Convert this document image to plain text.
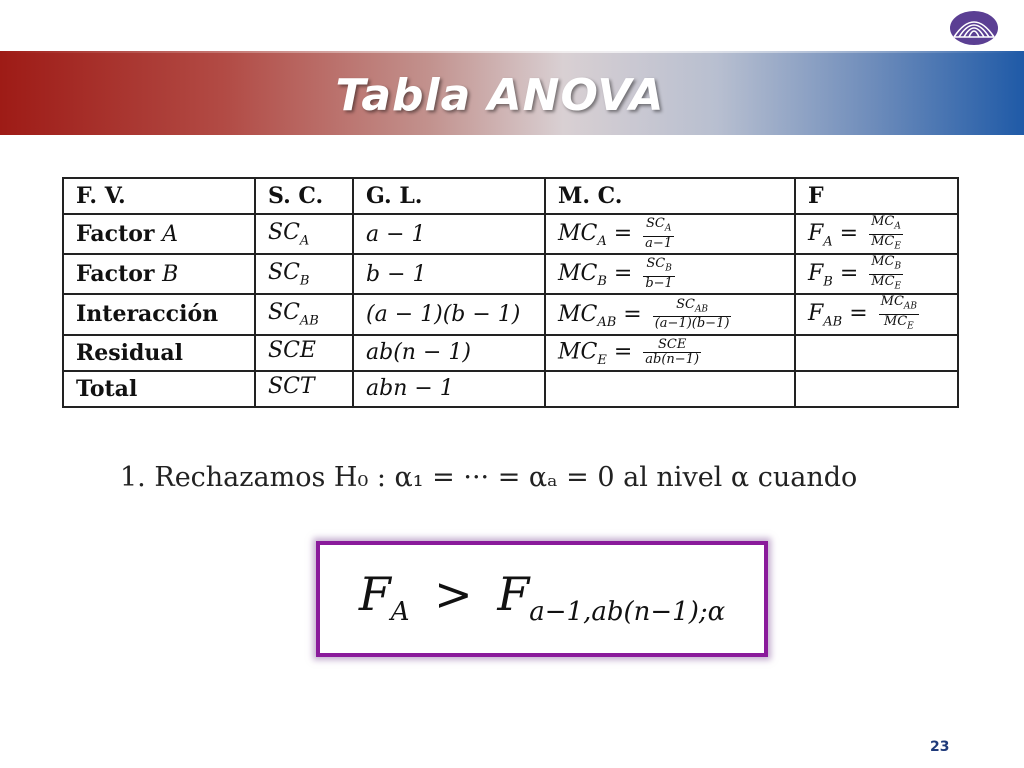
Tabla ANOVA
F. V.	S. C.	G. L.	M. C.	F
Factor A	$SC_A$	a − 1	$MC_A = \frac{SC_A}{a-1}$	$F_A = \frac{MC_A}{MC_E}$

Factor B	$SC_B$	b − 1	$MC_B = \frac{SC_B}{b-1}$	$F_B = \frac{MC_B}{MC_E}$

Interacción	$SC_{AB}$	(a − 1)(b − 1)	$MC_{AB} = \frac{SC_{AB}}{(a-1)(b-1)}$	$F_{AB} = \frac{MC_{AB}}{MC_E}$

Residual	SCE	ab(n − 1)	$MC_E = \frac{\text{SCE}}{ab(n-1)}$

Total	SCT	abn − 1		
1. Rechazamos H₀ : α₁ = ··· = αₐ = 0 al nivel α cuando
$F_A > F_{a-1,ab(n-1);\alpha}$
23
